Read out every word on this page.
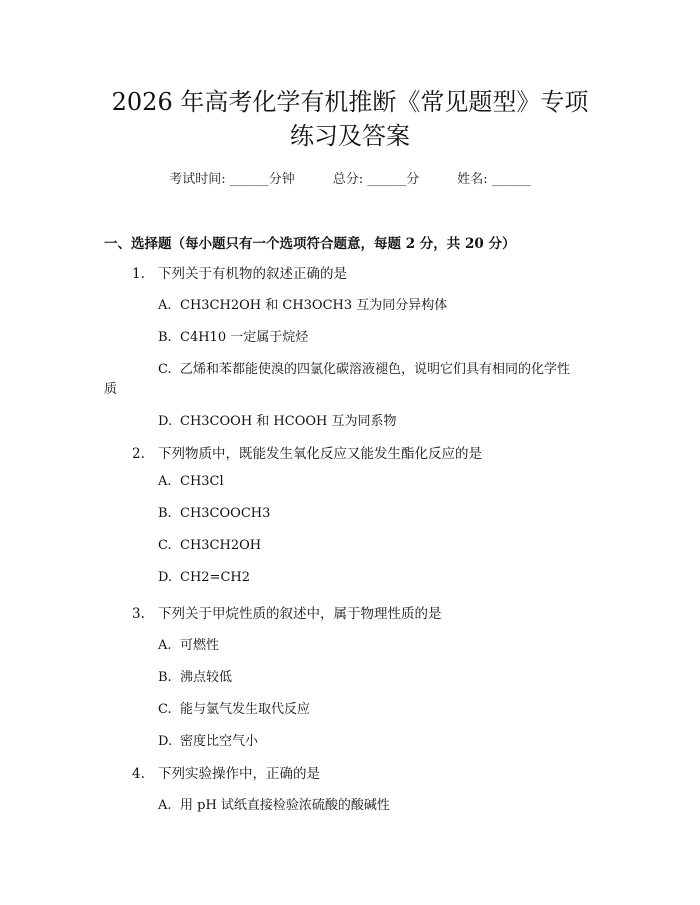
2026 年高考化学有机推断《常见题型》专项
练习及答案
考试时间: ______分钟　　	总分: ______分　　	姓名: ______
一、选择题（每小题只有一个选项符合题意，每题 2 分，共 20 分）
1. 下列关于有机物的叙述正确的是
A. CH3CH2OH 和 CH3OCH3 互为同分异构体
B. C4H10 一定属于烷烃
C. 乙烯和苯都能使溴的四氯化碳溶液褪色，说明它们具有相同的化学性
质
D. CH3COOH 和 HCOOH 互为同系物
2. 下列物质中，既能发生氧化反应又能发生酯化反应的是
A. CH3Cl
B. CH3COOCH3
C. CH3CH2OH
D. CH2=CH2
3. 下列关于甲烷性质的叙述中，属于物理性质的是
A. 可燃性
B. 沸点较低
C. 能与氯气发生取代反应
D. 密度比空气小
4. 下列实验操作中，正确的是
A. 用 pH 试纸直接检验浓硫酸的酸碱性
